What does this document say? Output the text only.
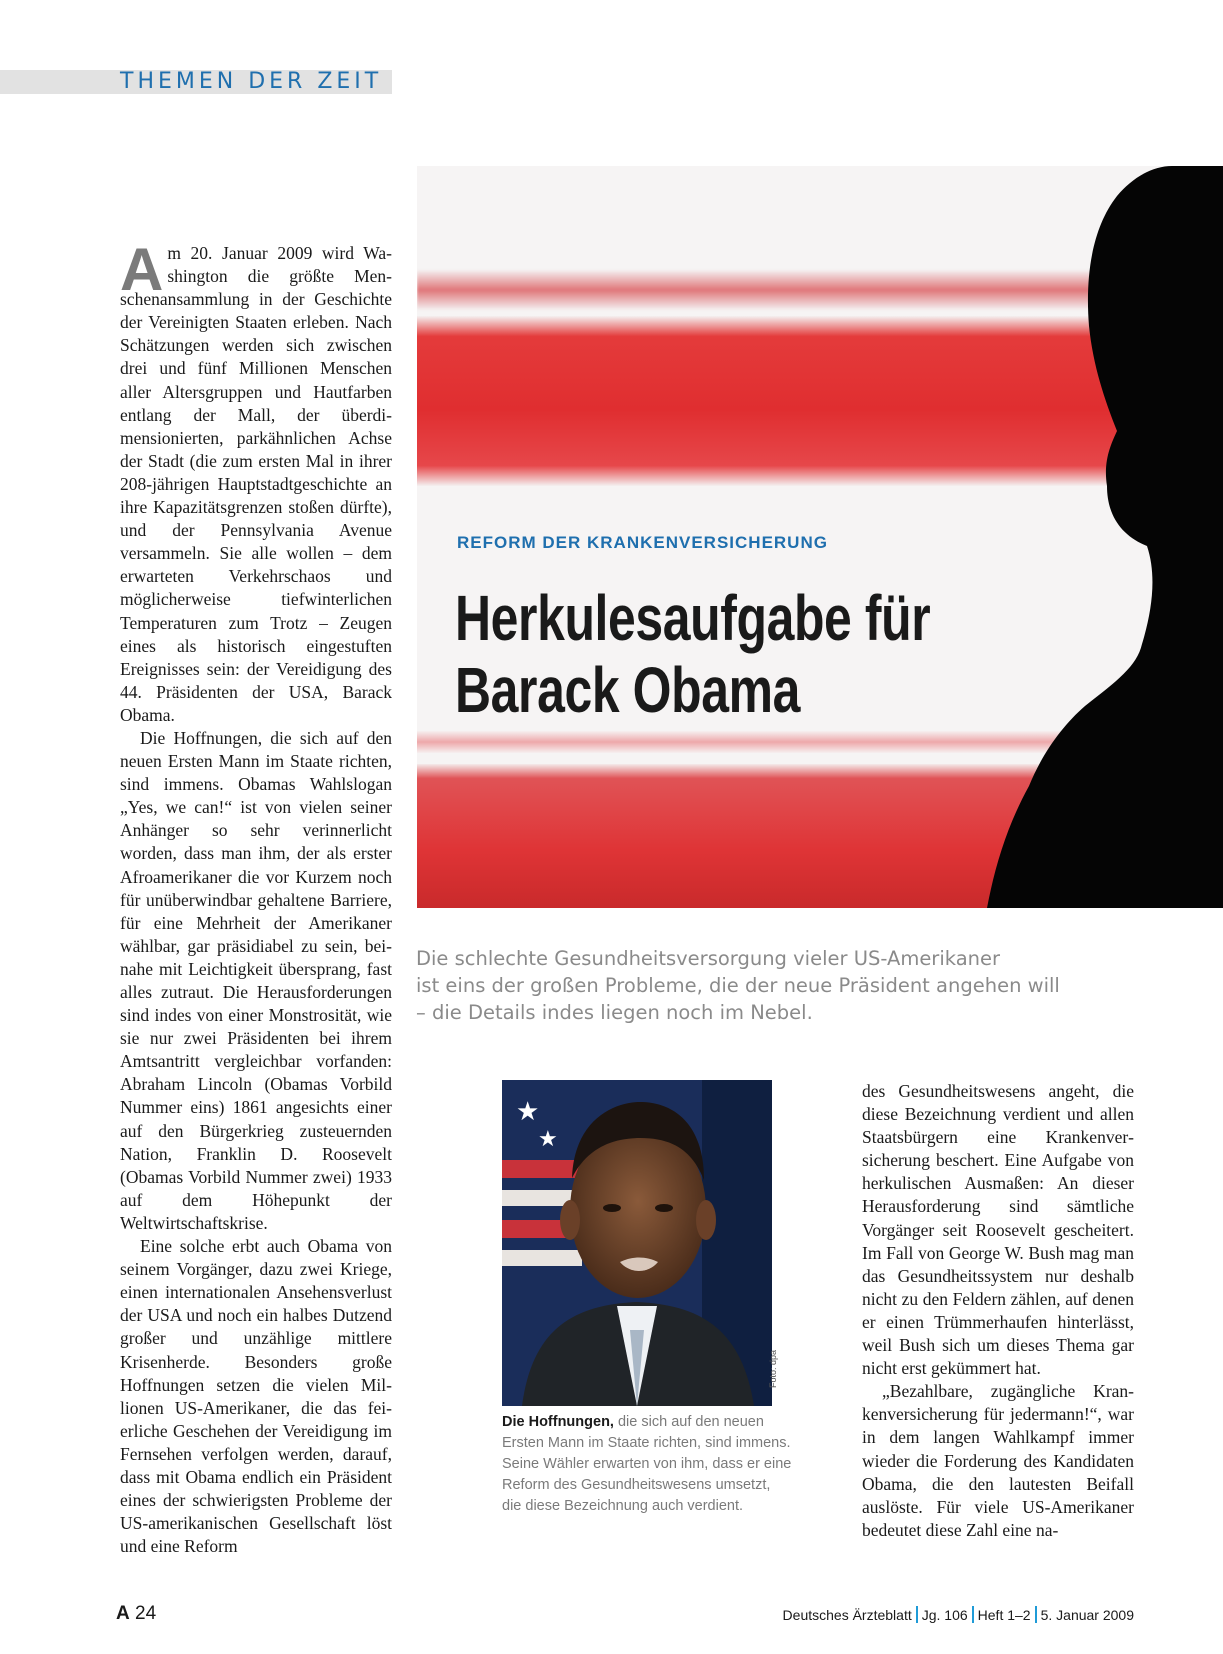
THEMEN DER ZEIT
REFORM DER KRANKENVERSICHERUNG
Herkulesaufgabe für
Barack Obama

Die schlechte Gesundheitsversorgung vieler US-Amerikaner
ist eins der großen Probleme, die der neue Präsident angehen will
– die Details indes liegen noch im Nebel.

Am 20. Januar 2009 wird Washington die größte Menschenansammlung in der Geschichte der Vereinigten Staaten erleben. Nach Schätzungen werden sich zwischen drei und fünf Millionen Menschen aller Altersgruppen und Hautfarben entlang der Mall, der überdimensionierten, parkähnlichen Achse der Stadt (die zum ersten Mal in ihrer 208-jährigen Hauptstadtgeschichte an ihre Kapazitätsgrenzen stoßen dürfte), und der Pennsylvania Avenue versammeln. Sie alle wollen – dem erwarteten Verkehrschaos und möglicherweise tiefwinterlichen Temperaturen zum Trotz – Zeugen eines als historisch eingestuften Ereignisses sein: der Vereidigung des 44. Präsidenten der USA, Barack Obama.

Die Hoffnungen, die sich auf den neuen Ersten Mann im Staate richten, sind immens. Obamas Wahlslogan „Yes, we can!“ ist von vielen seiner Anhänger so sehr verinnerlicht worden, dass man ihm, der als erster Afroamerikaner die vor Kurzem noch für unüberwindbar gehaltene Barriere, für eine Mehrheit der Amerikaner wählbar, gar präsidiabel zu sein, beinahe mit Leichtigkeit übersprang, fast alles zutraut. Die Herausforderungen sind indes von einer Monstrosität, wie sie nur zwei Präsidenten bei ihrem Amtsantritt vergleichbar vorfanden: Abraham Lincoln (Obamas Vorbild Nummer eins) 1861 angesichts einer auf den Bürgerkrieg zusteuernden Nation, Franklin D. Roosevelt (Obamas Vorbild Nummer zwei) 1933 auf dem Höhepunkt der Weltwirtschaftskrise.

Eine solche erbt auch Obama von seinem Vorgänger, dazu zwei Kriege, einen internationalen Ansehensverlust der USA und noch ein halbes Dutzend großer und unzählige mittlere Krisenherde. Besonders große Hoffnungen setzen die vielen Millionen US-Amerikaner, die das feierliche Geschehen der Vereidigung im Fernsehen verfolgen werden, darauf, dass mit Obama endlich ein Präsident eines der schwierigsten Probleme der US-amerikanischen Gesellschaft löst und eine Reform

★
★
Foto: dpa
Die Hoffnungen, die sich auf den neuen
Ersten Mann im Staate richten, sind immens.
Seine Wähler erwarten von ihm, dass er eine
Reform des Gesundheitswesens umsetzt,
die diese Bezeichnung auch verdient.

des Gesundheitswesens angeht, die diese Bezeichnung verdient und allen Staatsbürgern eine Krankenversicherung beschert. Eine Aufgabe von herkulischen Ausmaßen: An dieser Herausforderung sind sämtliche Vorgänger seit Roosevelt gescheitert. Im Fall von George W. Bush mag man das Gesundheitssystem nur deshalb nicht zu den Feldern zählen, auf denen er einen Trümmerhaufen hinterlässt, weil Bush sich um dieses Thema gar nicht erst gekümmert hat.

„Bezahlbare, zugängliche Krankenversicherung für jedermann!“, war in dem langen Wahlkampf immer wieder die Forderung des Kandidaten Obama, die den lautesten Beifall auslöste. Für viele US-Amerikaner bedeutet diese Zahl eine na-

A 24	Deutsches Ärzteblatt Jg. 106 Heft 1–2 5. Januar 2009
